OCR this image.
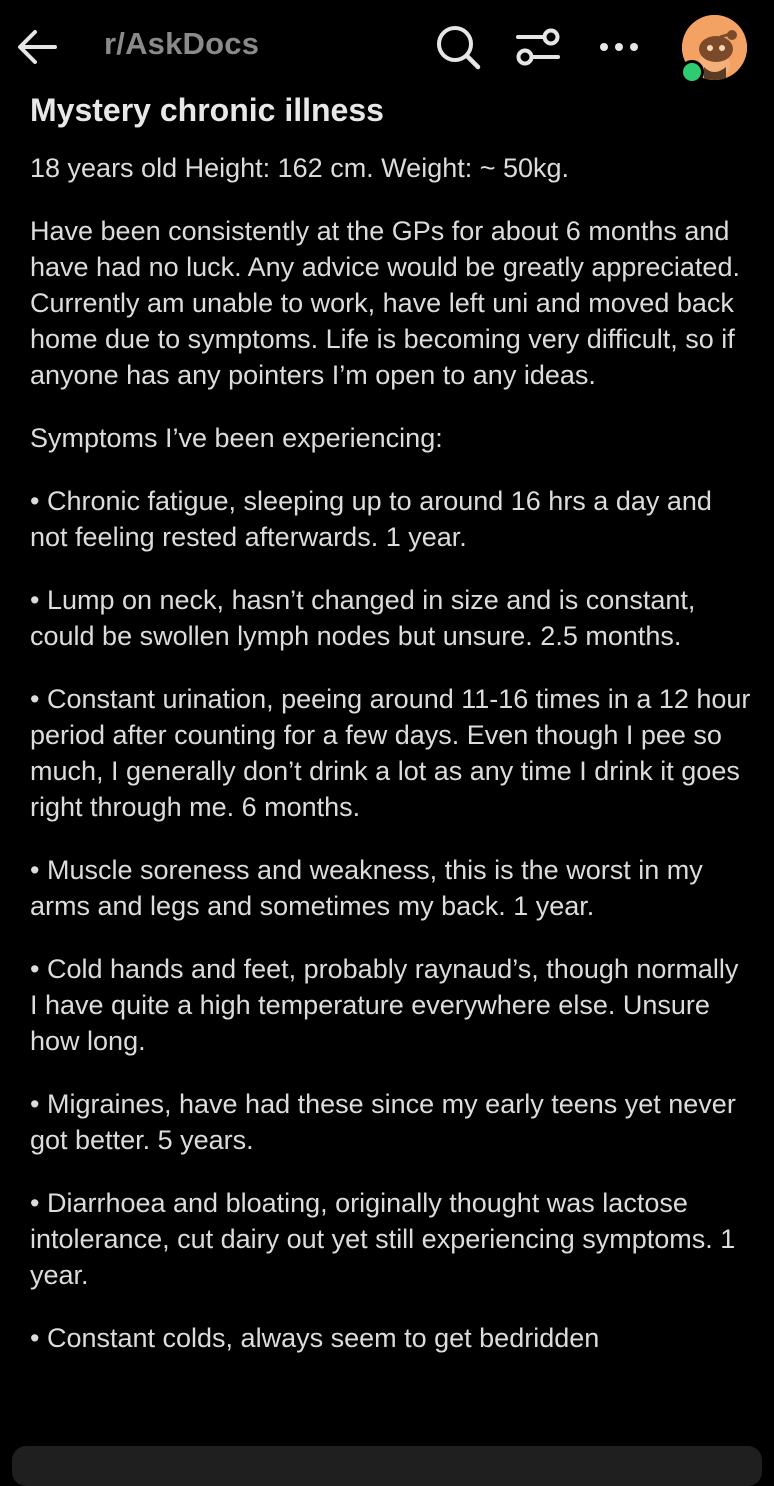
r/AskDocs
Mystery chronic illness
18 years old Height: 162 cm. Weight: ~ 50kg.
Have been consistently at the GPs for about 6 months and have had no luck. Any advice would be greatly appreciated. Currently am unable to work, have left uni and moved back home due to symptoms. Life is becoming very difficult, so if anyone has any pointers I’m open to any ideas.
Symptoms I’ve been experiencing:
• Chronic fatigue, sleeping up to around 16 hrs a day and not feeling rested afterwards. 1 year.
• Lump on neck, hasn’t changed in size and is constant, could be swollen lymph nodes but unsure. 2.5 months.
• Constant urination, peeing around 11-16 times in a 12 hour period after counting for a few days. Even though I pee so much, I generally don’t drink a lot as any time I drink it goes right through me. 6 months.
• Muscle soreness and weakness, this is the worst in my arms and legs and sometimes my back. 1 year.
• Cold hands and feet, probably raynaud’s, though normally I have quite a high temperature everywhere else. Unsure how long.
• Migraines, have had these since my early teens yet never got better. 5 years.
• Diarrhoea and bloating, originally thought was lactose intolerance, cut dairy out yet still experiencing symptoms. 1 year.
• Constant colds, always seem to get bedridden
